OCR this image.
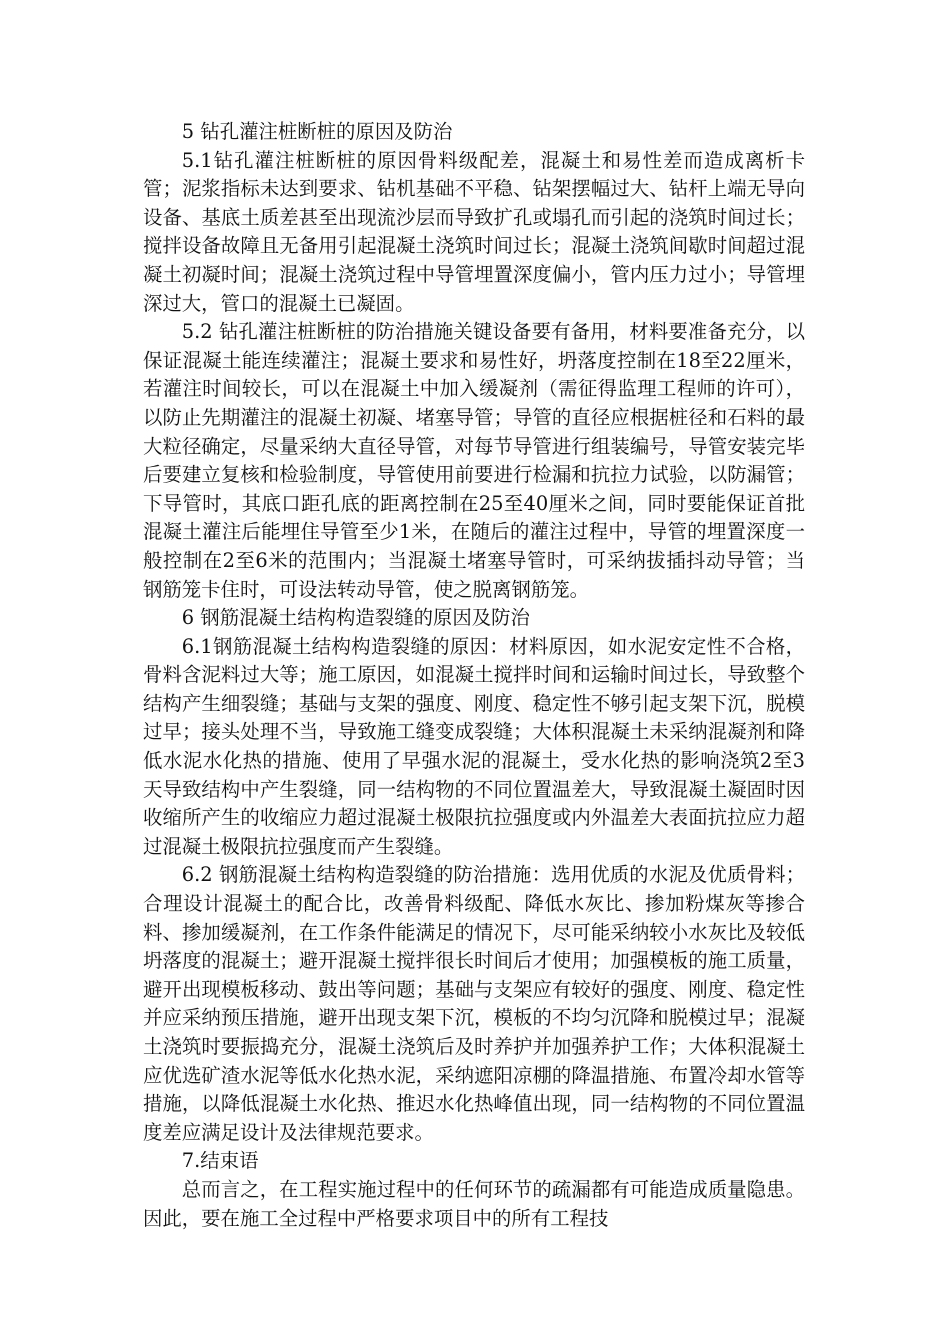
5 钻孔灌注桩断桩的原因及防治

5.1钻孔灌注桩断桩的原因骨料级配差，混凝土和易性差而造成离析卡管；泥浆指标未达到要求、钻机基础不平稳、钻架摆幅过大、钻杆上端无导向设备、基底土质差甚至出现流沙层而导致扩孔或塌孔而引起的浇筑时间过长；搅拌设备故障且无备用引起混凝土浇筑时间过长；混凝土浇筑间歇时间超过混凝土初凝时间；混凝土浇筑过程中导管埋置深度偏小，管内压力过小；导管埋深过大，管口的混凝土已凝固。

5.2 钻孔灌注桩断桩的防治措施关键设备要有备用，材料要准备充分，以保证混凝土能连续灌注；混凝土要求和易性好，坍落度控制在18至22厘米，若灌注时间较长，可以在混凝土中加入缓凝剂（需征得监理工程师的许可），以防止先期灌注的混凝土初凝、堵塞导管；导管的直径应根据桩径和石料的最大粒径确定，尽量采纳大直径导管，对每节导管进行组装编号，导管安装完毕后要建立复核和检验制度，导管使用前要进行检漏和抗拉力试验，以防漏管；下导管时，其底口距孔底的距离控制在25至40厘米之间，同时要能保证首批混凝土灌注后能埋住导管至少1米，在随后的灌注过程中，导管的埋置深度一般控制在2至6米的范围内；当混凝土堵塞导管时，可采纳拔插抖动导管；当钢筋笼卡住时，可设法转动导管，使之脱离钢筋笼。

6 钢筋混凝土结构构造裂缝的原因及防治

6.1钢筋混凝土结构构造裂缝的原因：材料原因，如水泥安定性不合格，骨料含泥料过大等；施工原因，如混凝土搅拌时间和运输时间过长，导致整个结构产生细裂缝；基础与支架的强度、刚度、稳定性不够引起支架下沉，脱模过早；接头处理不当，导致施工缝变成裂缝；大体积混凝土未采纳混凝剂和降低水泥水化热的措施、使用了早强水泥的混凝土，受水化热的影响浇筑2至3天导致结构中产生裂缝，同一结构物的不同位置温差大，导致混凝土凝固时因收缩所产生的收缩应力超过混凝土极限抗拉强度或内外温差大表面抗拉应力超过混凝土极限抗拉强度而产生裂缝。

6.2 钢筋混凝土结构构造裂缝的防治措施：选用优质的水泥及优质骨料；合理设计混凝土的配合比，改善骨料级配、降低水灰比、掺加粉煤灰等掺合料、掺加缓凝剂，在工作条件能满足的情况下，尽可能采纳较小水灰比及较低坍落度的混凝土；避开混凝土搅拌很长时间后才使用；加强模板的施工质量，避开出现模板移动、鼓出等问题；基础与支架应有较好的强度、刚度、稳定性并应采纳预压措施，避开出现支架下沉，模板的不均匀沉降和脱模过早；混凝土浇筑时要振捣充分，混凝土浇筑后及时养护并加强养护工作；大体积混凝土应优选矿渣水泥等低水化热水泥，采纳遮阳凉棚的降温措施、布置冷却水管等措施，以降低混凝土水化热、推迟水化热峰值出现，同一结构物的不同位置温度差应满足设计及法律规范要求。

7.结束语

总而言之，在工程实施过程中的任何环节的疏漏都有可能造成质量隐患。因此，要在施工全过程中严格要求项目中的所有工程技
